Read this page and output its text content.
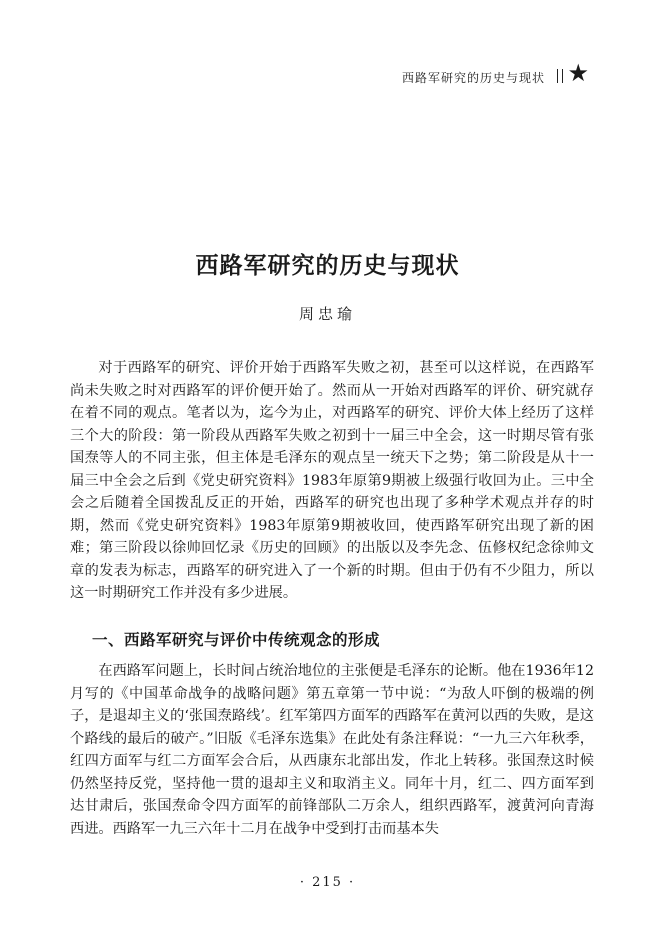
西路军研究的历史与现状 ★
西路军研究的历史与现状
周忠瑜

对于西路军的研究、评价开始于西路军失败之初，甚至可以这样说，在西路军尚未失败之时对西路军的评价便开始了。然而从一开始对西路军的评价、研究就存在着不同的观点。笔者以为，迄今为止，对西路军的研究、评价大体上经历了这样三个大的阶段：第一阶段从西路军失败之初到十一届三中全会，这一时期尽管有张国焘等人的不同主张，但主体是毛泽东的观点呈一统天下之势；第二阶段是从十一届三中全会之后到《党史研究资料》1983年原第9期被上级强行收回为止。三中全会之后随着全国拨乱反正的开始，西路军的研究也出现了多种学术观点并存的时期，然而《党史研究资料》1983年原第9期被收回，使西路军研究出现了新的困难；第三阶段以徐帅回忆录《历史的回顾》的出版以及李先念、伍修权纪念徐帅文章的发表为标志，西路军的研究进入了一个新的时期。但由于仍有不少阻力，所以这一时期研究工作并没有多少进展。

一、西路军研究与评价中传统观念的形成

在西路军问题上，长时间占统治地位的主张便是毛泽东的论断。他在1936年12月写的《中国革命战争的战略问题》第五章第一节中说：“为敌人吓倒的极端的例子，是退却主义的‘张国焘路线’。红军第四方面军的西路军在黄河以西的失败，是这个路线的最后的破产。”旧版《毛泽东选集》在此处有条注释说：“一九三六年秋季，红四方面军与红二方面军会合后，从西康东北部出发，作北上转移。张国焘这时候仍然坚持反党，坚持他一贯的退却主义和取消主义。同年十月，红二、四方面军到达甘肃后，张国焘命令四方面军的前锋部队二万余人，组织西路军，渡黄河向青海西进。西路军一九三六年十二月在战争中受到打击而基本失

· 215 ·
